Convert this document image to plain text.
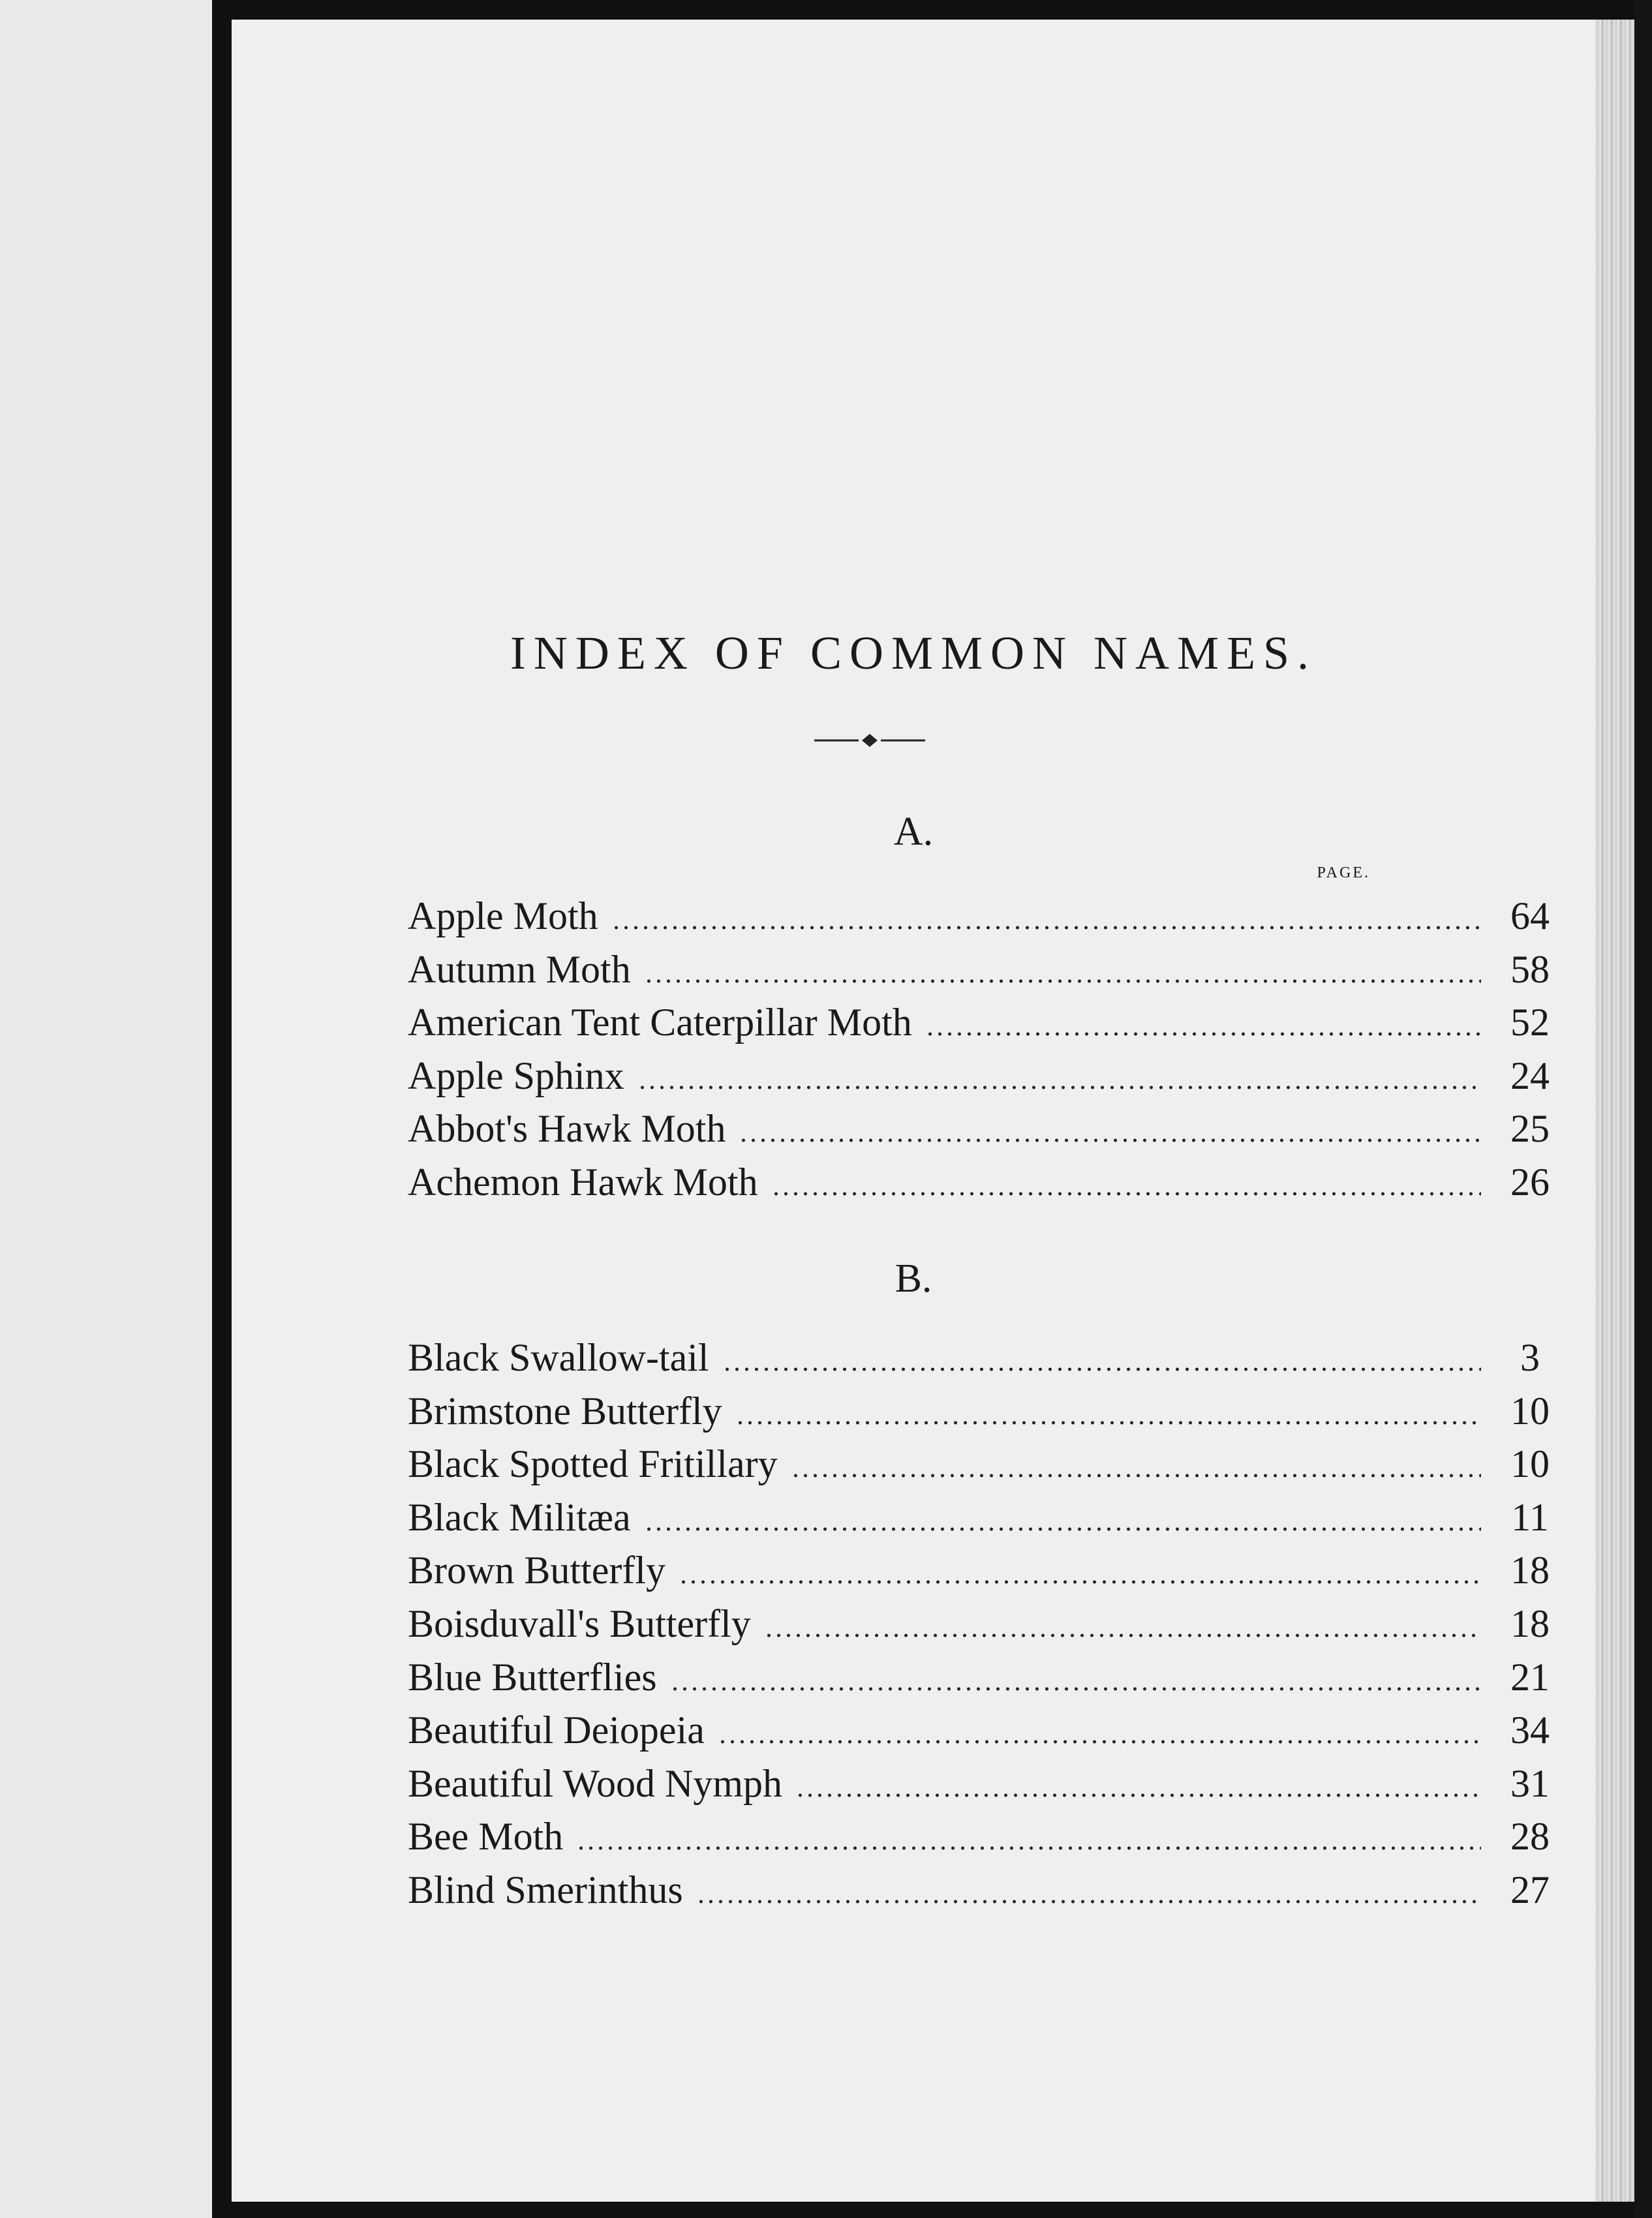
INDEX OF COMMON NAMES.
A.
PAGE.
Apple Moth	64
Autumn Moth	58
American Tent Caterpillar Moth	52
Apple Sphinx	24
Abbot's Hawk Moth	25
Achemon Hawk Moth	26
B.
Black Swallow-tail	3
Brimstone Butterfly	10
Black Spotted Fritillary	10
Black Militæa	11
Brown Butterfly	18
Boisduvall's Butterfly	18
Blue Butterflies	21
Beautiful Deiopeia	34
Beautiful Wood Nymph	31
Bee Moth	28
Blind Smerinthus	27
